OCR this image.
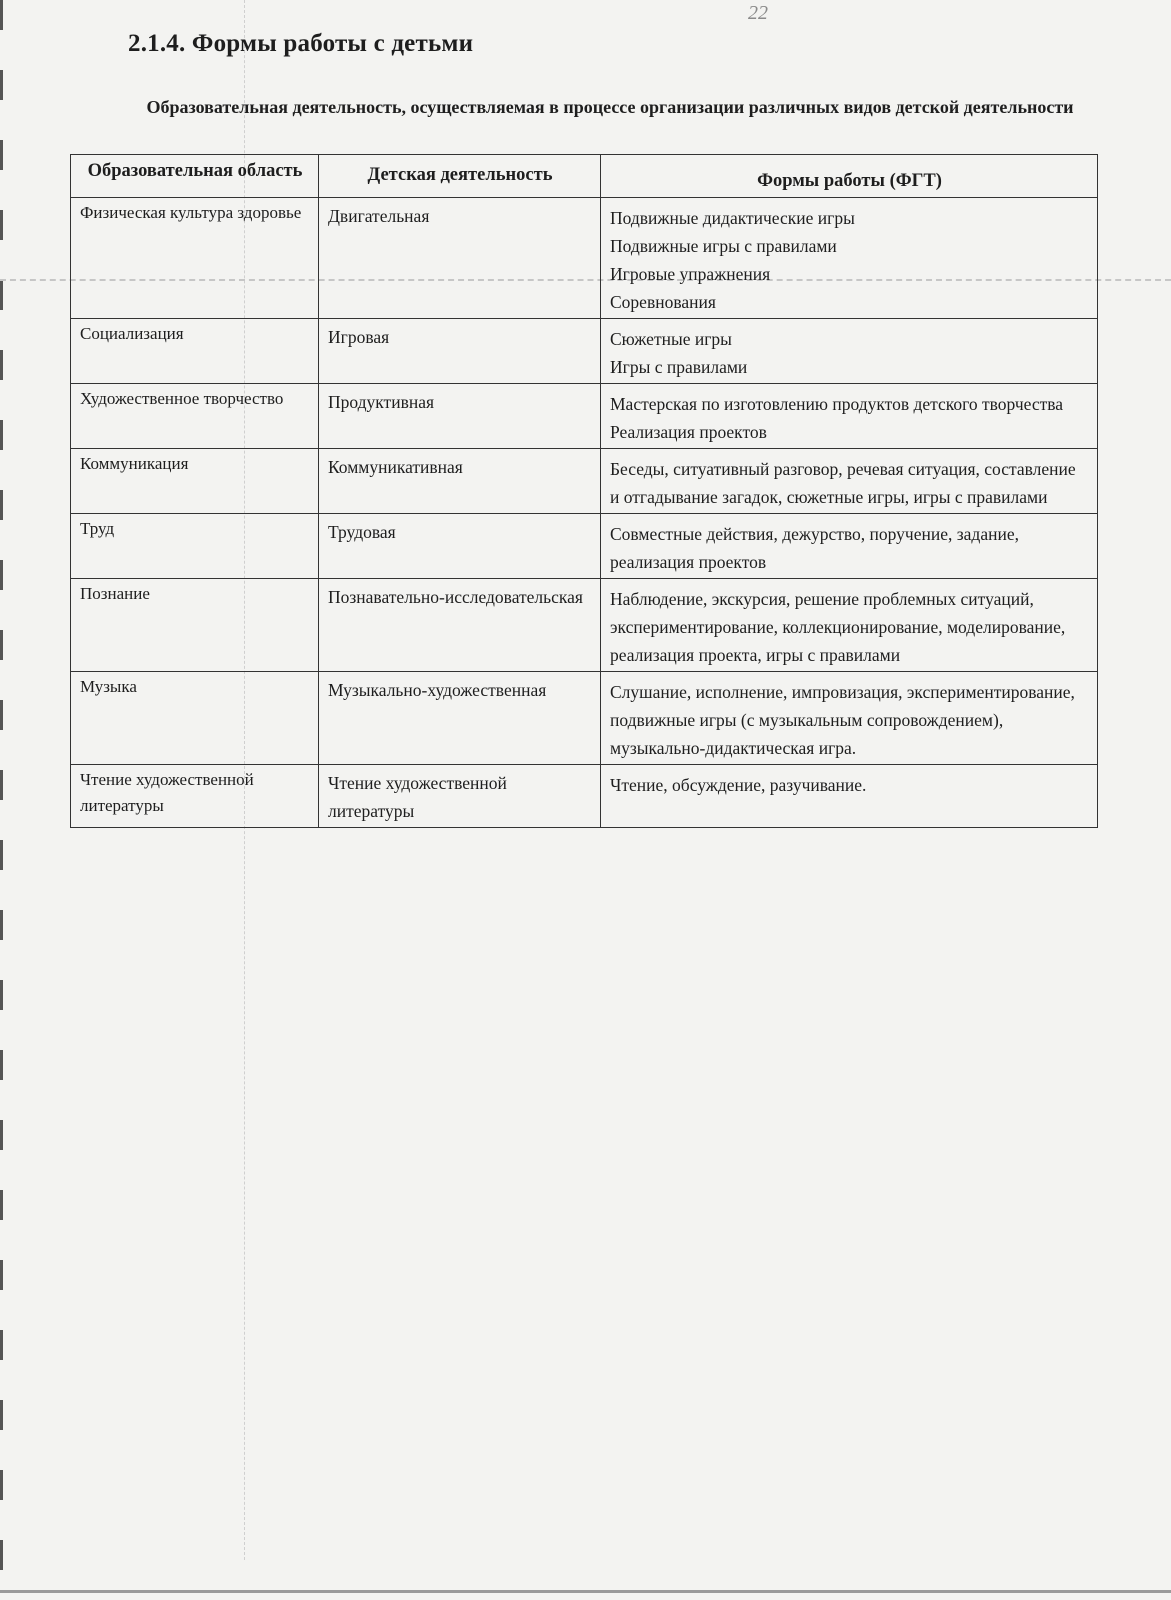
22
2.1.4. Формы работы с детьми

Образовательная деятельность, осуществляемая в процессе организации различных видов детской деятельности

Образовательная область	Детская деятельность	Формы работы (ФГТ)
Физическая культура здоровье	Двигательная	Подвижные дидактические игры
Подвижные игры с правилами
Игровые упражнения
Соревнования
Социализация	Игровая	Сюжетные игры
Игры с правилами
Художественное творчество	Продуктивная	Мастерская по изготовлению продуктов детского творчества
Реализация проектов
Коммуникация	Коммуникативная	Беседы, ситуативный разговор, речевая ситуация, составление и отгадывание загадок, сюжетные игры, игры с правилами
Труд	Трудовая	Совместные действия, дежурство, поручение, задание, реализация проектов
Познание	Познавательно-исследовательская	Наблюдение, экскурсия, решение проблемных ситуаций, экспериментирование, коллекционирование, моделирование, реализация проекта, игры с правилами
Музыка	Музыкально-художественная	Слушание, исполнение, импровизация, экспериментирование, подвижные игры (с музыкальным сопровождением), музыкально-дидактическая игра.
Чтение художественной литературы	Чтение художественной литературы	Чтение, обсуждение, разучивание.
